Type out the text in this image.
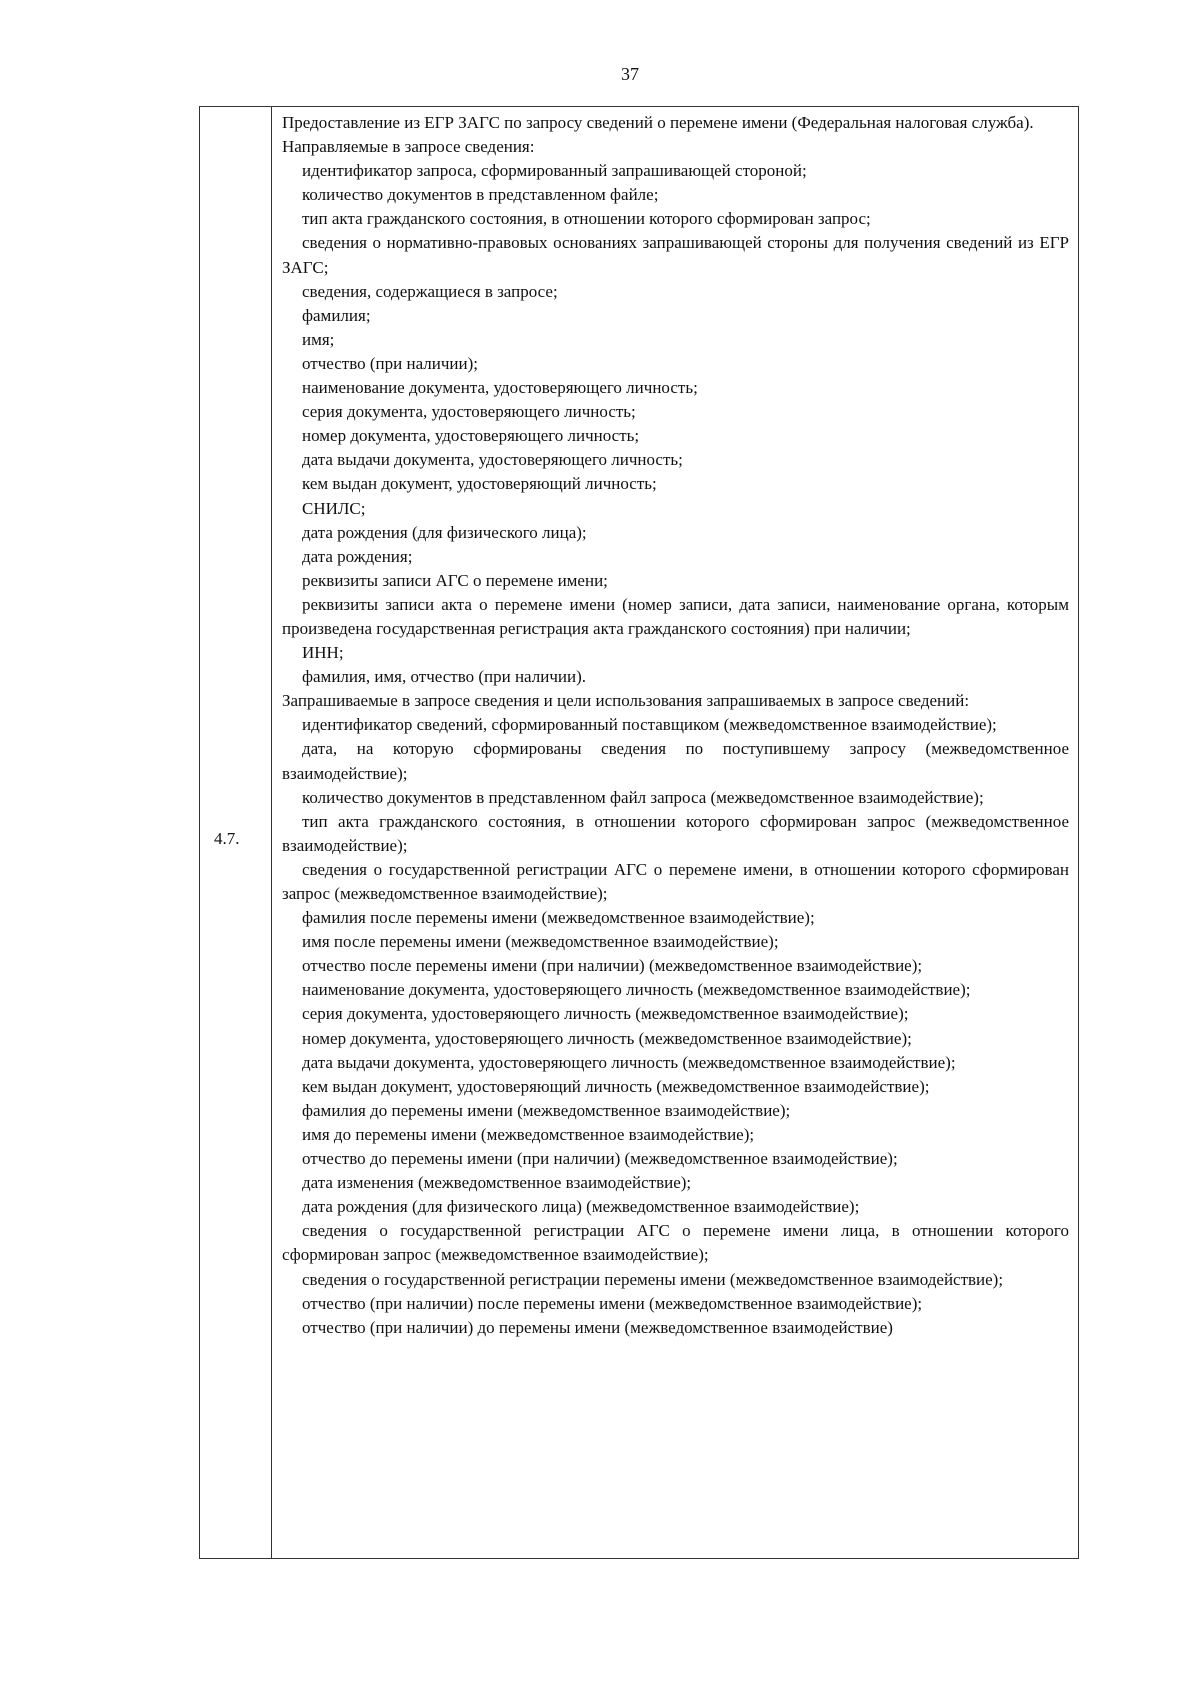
37
4.7.

Предоставление из ЕГР ЗАГС по запросу сведений о перемене имени (Федеральная налоговая служба).

Направляемые в запросе сведения:

идентификатор запроса, сформированный запрашивающей стороной;

количество документов в представленном файле;

тип акта гражданского состояния, в отношении которого сформирован запрос;

сведения о нормативно-правовых основаниях запрашивающей стороны для получения сведений из ЕГР ЗАГС;

сведения, содержащиеся в запросе;

фамилия;

имя;

отчество (при наличии);

наименование документа, удостоверяющего личность;

серия документа, удостоверяющего личность;

номер документа, удостоверяющего личность;

дата выдачи документа, удостоверяющего личность;

кем выдан документ, удостоверяющий личность;

СНИЛС;

дата рождения (для физического лица);

дата рождения;

реквизиты записи АГС о перемене имени;

реквизиты записи акта о перемене имени (номер записи, дата записи, наименование органа, которым произведена государственная регистрация акта гражданского состояния) при наличии;

ИНН;

фамилия, имя, отчество (при наличии).

Запрашиваемые в запросе сведения и цели использования запрашиваемых в запросе сведений:

идентификатор сведений, сформированный поставщиком (межведомственное взаимодействие);

дата, на которую сформированы сведения по поступившему запросу (межведомственное взаимодействие);

количество документов в представленном файл запроса (межведомственное взаимодействие);

тип акта гражданского состояния, в отношении которого сформирован запрос (межведомственное взаимодействие);

сведения о государственной регистрации АГС о перемене имени, в отношении которого сформирован запрос (межведомственное взаимодействие);

фамилия после перемены имени (межведомственное взаимодействие);

имя после перемены имени (межведомственное взаимодействие);

отчество после перемены имени (при наличии) (межведомственное взаимодействие);

наименование документа, удостоверяющего личность (межведомственное взаимодействие);

серия документа, удостоверяющего личность (межведомственное взаимодействие);

номер документа, удостоверяющего личность (межведомственное взаимодействие);

дата выдачи документа, удостоверяющего личность (межведомственное взаимодействие);

кем выдан документ, удостоверяющий личность (межведомственное взаимодействие);

фамилия до перемены имени (межведомственное взаимодействие);

имя до перемены имени (межведомственное взаимодействие);

отчество до перемены имени (при наличии) (межведомственное взаимодействие);

дата изменения (межведомственное взаимодействие);

дата рождения (для физического лица) (межведомственное взаимодействие);

сведения о государственной регистрации АГС о перемене имени лица, в отношении которого сформирован запрос (межведомственное взаимодействие);

сведения о государственной регистрации перемены имени (межведомственное взаимодействие);

отчество (при наличии) после перемены имени (межведомственное взаимодействие);

отчество (при наличии) до перемены имени (межведомственное взаимодействие)
